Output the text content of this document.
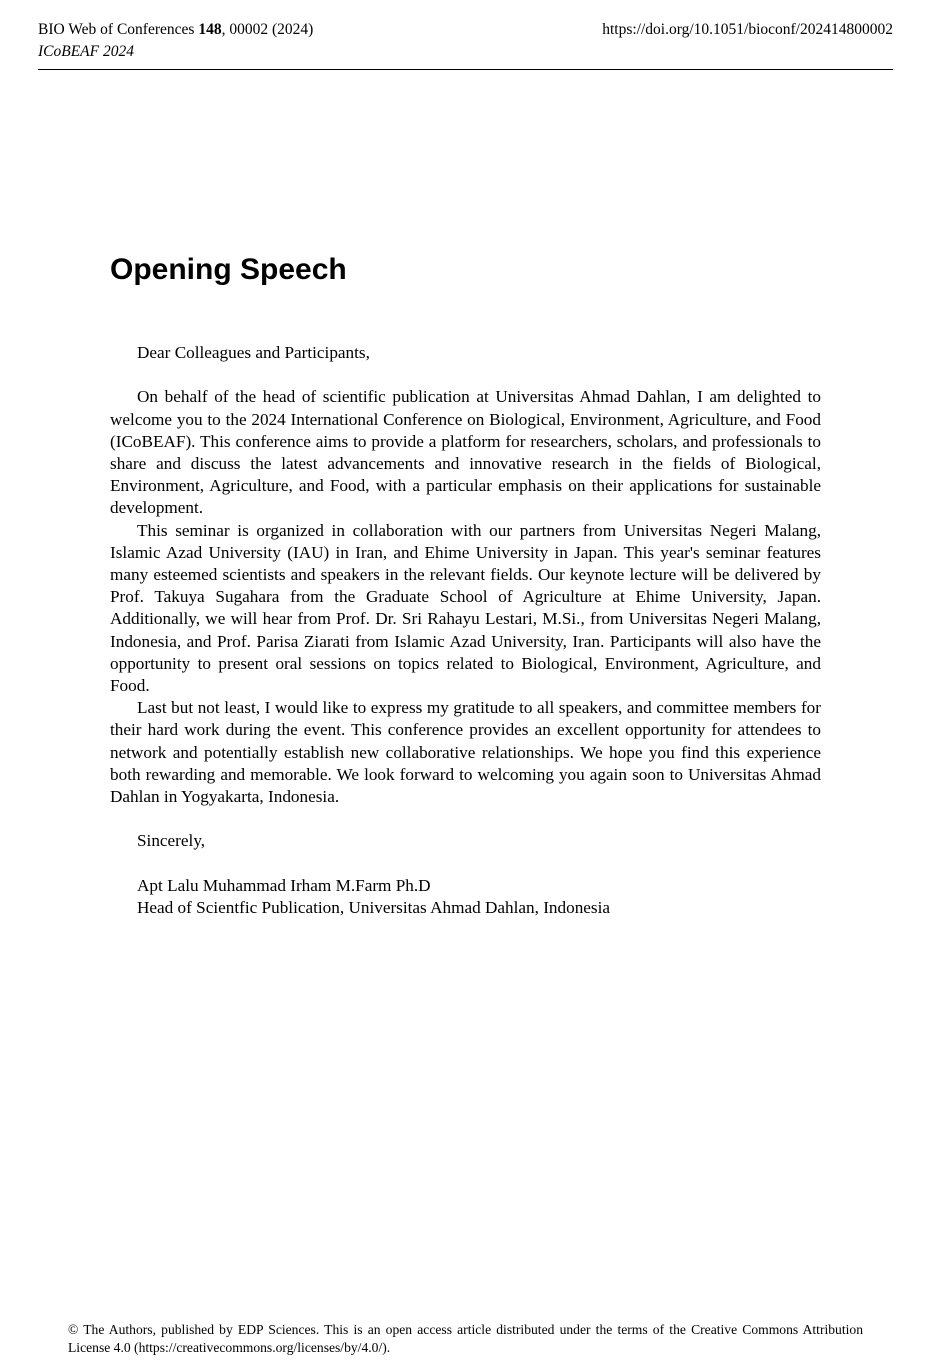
BIO Web of Conferences 148, 00002 (2024)	https://doi.org/10.1051/bioconf/202414800002
ICoBEAF 2024
Opening Speech

Dear Colleagues and Participants,

On behalf of the head of scientific publication at Universitas Ahmad Dahlan, I am delighted to welcome you to the 2024 International Conference on Biological, Environment, Agriculture, and Food (ICoBEAF). This conference aims to provide a platform for researchers, scholars, and professionals to share and discuss the latest advancements and innovative research in the fields of Biological, Environment, Agriculture, and Food, with a particular emphasis on their applications for sustainable development.

This seminar is organized in collaboration with our partners from Universitas Negeri Malang, Islamic Azad University (IAU) in Iran, and Ehime University in Japan. This year's seminar features many esteemed scientists and speakers in the relevant fields. Our keynote lecture will be delivered by Prof. Takuya Sugahara from the Graduate School of Agriculture at Ehime University, Japan. Additionally, we will hear from Prof. Dr. Sri Rahayu Lestari, M.Si., from Universitas Negeri Malang, Indonesia, and Prof. Parisa Ziarati from Islamic Azad University, Iran. Participants will also have the opportunity to present oral sessions on topics related to Biological, Environment, Agriculture, and Food.

Last but not least, I would like to express my gratitude to all speakers, and committee members for their hard work during the event. This conference provides an excellent opportunity for attendees to network and potentially establish new collaborative relationships. We hope you find this experience both rewarding and memorable. We look forward to welcoming you again soon to Universitas Ahmad Dahlan in Yogyakarta, Indonesia.

Sincerely,

Apt Lalu Muhammad Irham M.Farm Ph.D

Head of Scientfic Publication, Universitas Ahmad Dahlan, Indonesia

© The Authors, published by EDP Sciences. This is an open access article distributed under the terms of the Creative Commons Attribution License 4.0 (https://creativecommons.org/licenses/by/4.0/).
